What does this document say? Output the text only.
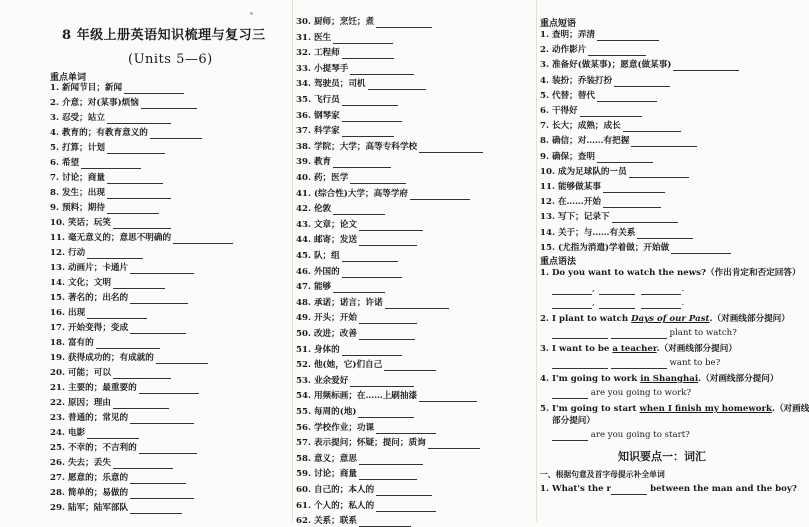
8 年级上册英语知识梳理与复习三
(Units 5—6)
重点单词
1. 新闻节目；新闻
2. 介意；对(某事)烦恼
3. 忍受；站立
4. 教育的；有教育意义的
5. 打算；计划
6. 希望
7. 讨论；商量
8. 发生；出现
9. 预料；期待
10. 笑话；玩笑
11. 毫无意义的；意思不明确的
12. 行动
13. 动画片；卡通片
14. 文化；文明
15. 著名的；出名的
16. 出现
17. 开始变得；变成
18. 富有的
19. 获得成功的；有成就的
20. 可能；可以
21. 主要的；最重要的
22. 原因；理由
23. 普通的；常见的
24. 电影
25. 不幸的；不吉利的
26. 失去；丢失
27. 愿意的；乐意的
28. 简单的；易做的
29. 陆军；陆军部队
30. 厨师；烹饪；煮
31. 医生
32. 工程师
33. 小提琴手
34. 驾驶员；司机
35. 飞行员
36. 钢琴家
37. 科学家
38. 学院；大学；高等专科学校
39. 教育
40. 药；医学
41. (综合性)大学；高等学府
42. 伦敦
43. 文章；论文
44. 邮寄；发送
45. 队；组
46. 外国的
47. 能够
48. 承诺；诺言；许诺
49. 开头；开始
50. 改进；改善
51. 身体的
52. 他(她，它)们自己
53. 业余爱好
54. 用频标画；在……上刷抽漆
55. 每周的(地)
56. 学校作业；功课
57. 表示提问；怀疑；提问；质询
58. 意义；意思
59. 讨论；商量
60. 自己的；本人的
61. 个人的；私人的
62. 关系；联系
重点短语
1. 查明；弄清
2. 动作影片
3. 准备好(做某事)；愿意(做某事)
4. 装扮；乔装打扮
5. 代替；替代
6. 干得好
7. 长大；成熟；成长
8. 确信；对……有把握
9. 确保；查明
10. 成为足球队的一员
11. 能够做某事
12. 在……开始
13. 写下；记录下
14. 关于；与……有关系
15. (尤指为消遣)学着做；开始做
重点语法
1. Do you want to watch the news?（作出肯定和否定回答）
,	.
,	.
2. I plant to watch Days of our Past.（对画线部分提问）
plant to watch?
3. I want to be a teacher.（对画线部分提问）
want to be?
4. I'm going to work in Shanghai.（对画线部分提问）
are you going to work?
5. I'm going to start when I finish my homework.（对画线
部分提问）
are you going to start?
知识要点一：词汇
一、根据句意及首字母提示补全单词
1. What's the r	between the man and the boy?
